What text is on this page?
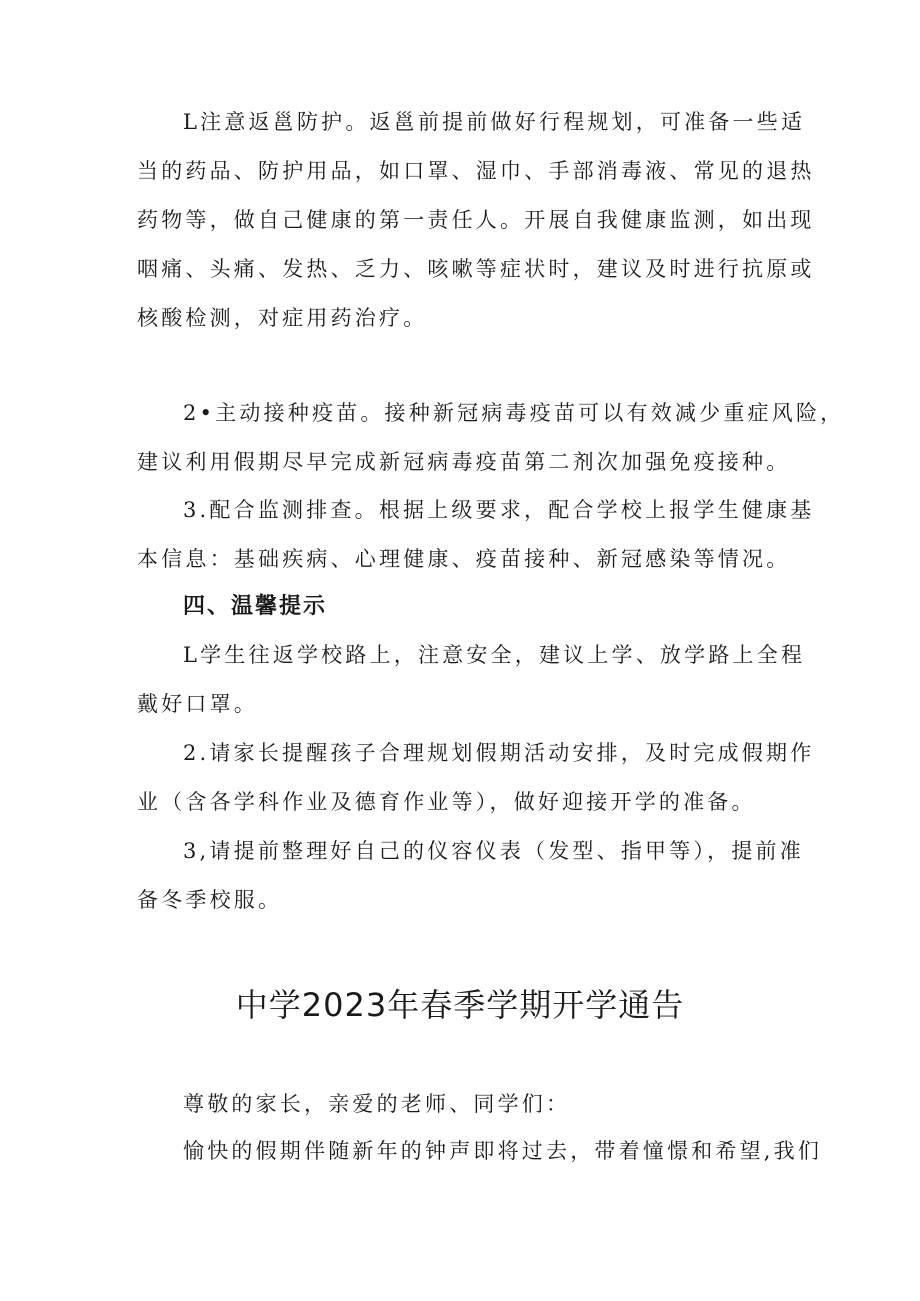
L注意返邕防护。返邕前提前做好行程规划，可准备一些适
当的药品、防护用品，如口罩、湿巾、手部消毒液、常见的退热
药物等，做自己健康的第一责任人。开展自我健康监测，如出现
咽痛、头痛、发热、乏力、咳嗽等症状时，建议及时进行抗原或
核酸检测，对症用药治疗。

2•主动接种疫苗。接种新冠病毒疫苗可以有效减少重症风险，
建议利用假期尽早完成新冠病毒疫苗第二剂次加强免疫接种。

3.配合监测排查。根据上级要求，配合学校上报学生健康基
本信息：基础疾病、心理健康、疫苗接种、新冠感染等情况。

四、温馨提示

L学生往返学校路上，注意安全，建议上学、放学路上全程
戴好口罩。

2.请家长提醒孩子合理规划假期活动安排，及时完成假期作
业（含各学科作业及德育作业等），做好迎接开学的准备。

3,请提前整理好自己的仪容仪表（发型、指甲等），提前准
备冬季校服。

中学2023年春季学期开学通告

尊敬的家长，亲爱的老师、同学们：

愉快的假期伴随新年的钟声即将过去，带着憧憬和希望,我们
